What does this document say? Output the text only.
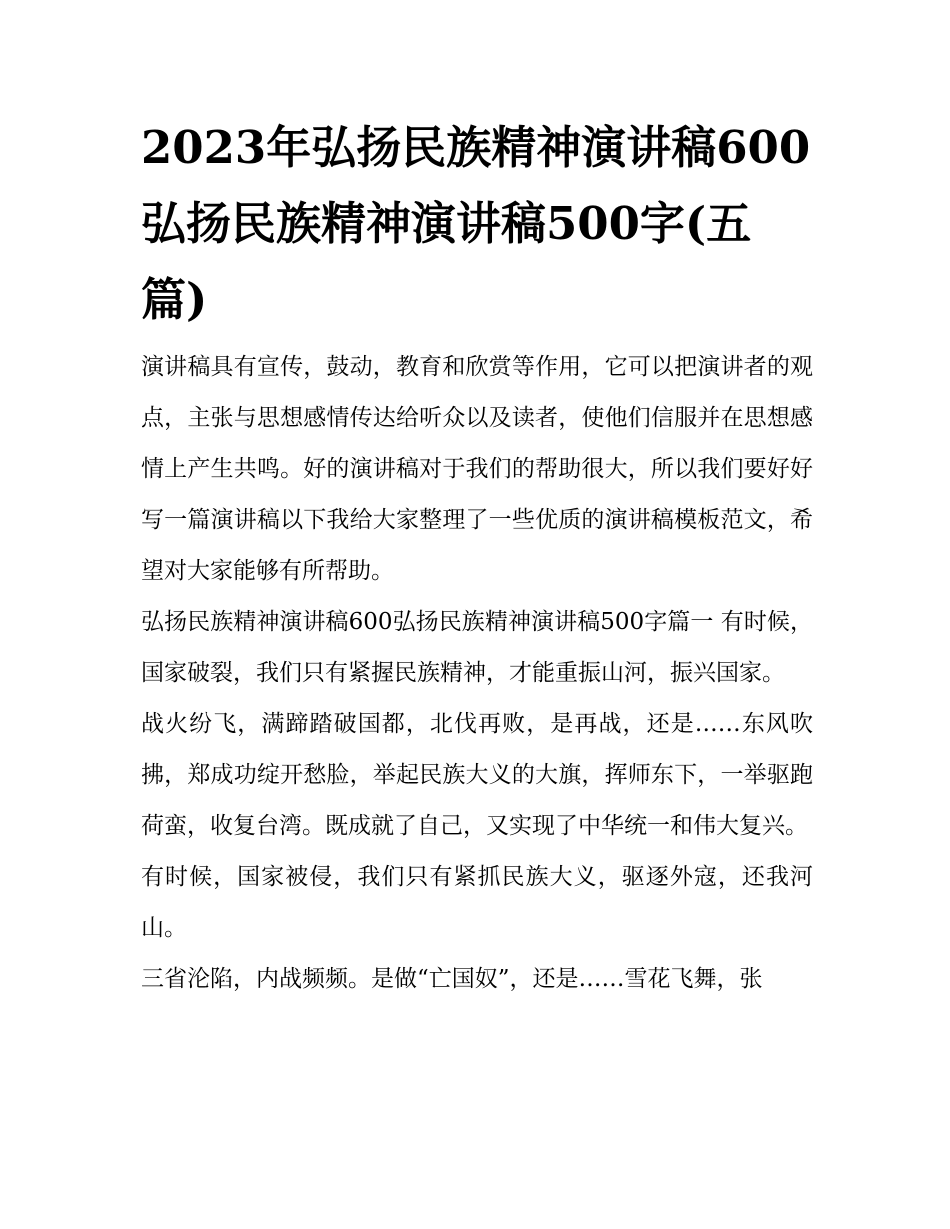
2023年弘扬民族精神演讲稿600弘扬民族精神演讲稿500字(五篇)

演讲稿具有宣传，鼓动，教育和欣赏等作用，它可以把演讲者的观点，主张与思想感情传达给听众以及读者，使他们信服并在思想感情上产生共鸣。好的演讲稿对于我们的帮助很大，所以我们要好好写一篇演讲稿以下我给大家整理了一些优质的演讲稿模板范文，希望对大家能够有所帮助。

弘扬民族精神演讲稿600弘扬民族精神演讲稿500字篇一 有时候，国家破裂，我们只有紧握民族精神，才能重振山河，振兴国家。

战火纷飞，满蹄踏破国都，北伐再败，是再战，还是……东风吹拂，郑成功绽开愁脸，举起民族大义的大旗，挥师东下，一举驱跑荷蛮，收复台湾。既成就了自己，又实现了中华统一和伟大复兴。

有时候，国家被侵，我们只有紧抓民族大义，驱逐外寇，还我河山。

三省沦陷，内战频频。是做“亡国奴”，还是……雪花飞舞，张
